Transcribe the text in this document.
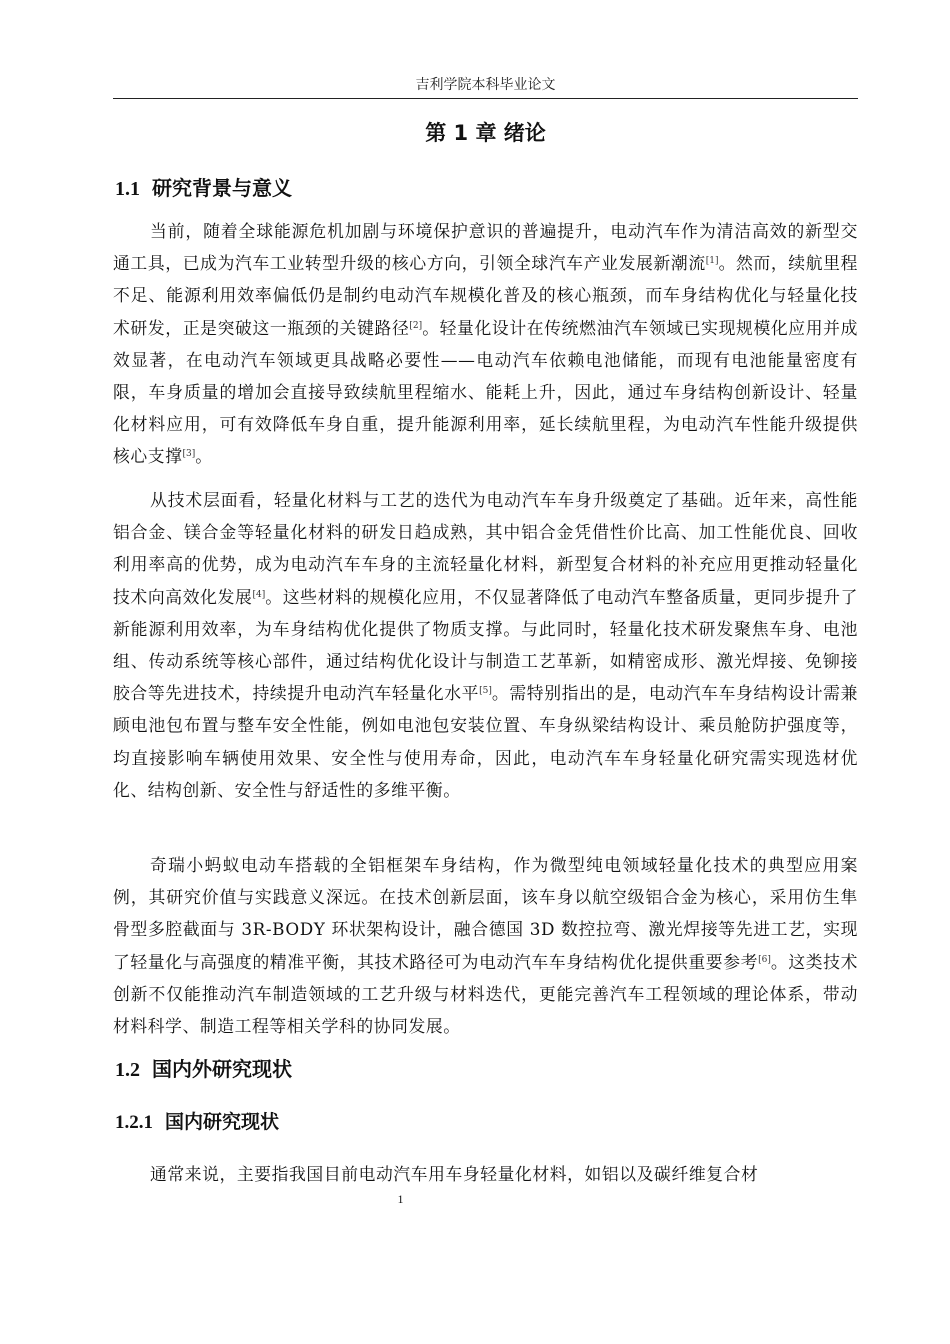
吉利学院本科毕业论文
第 1 章 绪论
1.1 研究背景与意义
当前，随着全球能源危机加剧与环境保护意识的普遍提升，电动汽车作为清洁高效的新型交通工具，已成为汽车工业转型升级的核心方向，引领全球汽车产业发展新潮流[1]。然而，续航里程不足、能源利用效率偏低仍是制约电动汽车规模化普及的核心瓶颈，而车身结构优化与轻量化技术研发，正是突破这一瓶颈的关键路径[2]。轻量化设计在传统燃油汽车领域已实现规模化应用并成效显著，在电动汽车领域更具战略必要性——电动汽车依赖电池储能，而现有电池能量密度有限，车身质量的增加会直接导致续航里程缩水、能耗上升，因此，通过车身结构创新设计、轻量化材料应用，可有效降低车身自重，提升能源利用率，延长续航里程，为电动汽车性能升级提供核心支撑[3]。
从技术层面看，轻量化材料与工艺的迭代为电动汽车车身升级奠定了基础。近年来，高性能铝合金、镁合金等轻量化材料的研发日趋成熟，其中铝合金凭借性价比高、加工性能优良、回收利用率高的优势，成为电动汽车车身的主流轻量化材料，新型复合材料的补充应用更推动轻量化技术向高效化发展[4]。这些材料的规模化应用，不仅显著降低了电动汽车整备质量，更同步提升了新能源利用效率，为车身结构优化提供了物质支撑。与此同时，轻量化技术研发聚焦车身、电池组、传动系统等核心部件，通过结构优化设计与制造工艺革新，如精密成形、激光焊接、免铆接胶合等先进技术，持续提升电动汽车轻量化水平[5]。需特别指出的是，电动汽车车身结构设计需兼顾电池包布置与整车安全性能，例如电池包安装位置、车身纵梁结构设计、乘员舱防护强度等，均直接影响车辆使用效果、安全性与使用寿命，因此，电动汽车车身轻量化研究需实现选材优化、结构创新、安全性与舒适性的多维平衡。
奇瑞小蚂蚁电动车搭载的全铝框架车身结构，作为微型纯电领域轻量化技术的典型应用案例，其研究价值与实践意义深远。在技术创新层面，该车身以航空级铝合金为核心，采用仿生隼骨型多腔截面与 3R-BODY 环状架构设计，融合德国 3D 数控拉弯、激光焊接等先进工艺，实现了轻量化与高强度的精准平衡，其技术路径可为电动汽车车身结构优化提供重要参考[6]。这类技术创新不仅能推动汽车制造领域的工艺升级与材料迭代，更能完善汽车工程领域的理论体系，带动材料科学、制造工程等相关学科的协同发展。
1.2 国内外研究现状
1.2.1 国内研究现状
通常来说，主要指我国目前电动汽车用车身轻量化材料，如铝以及碳纤维复合材
1
